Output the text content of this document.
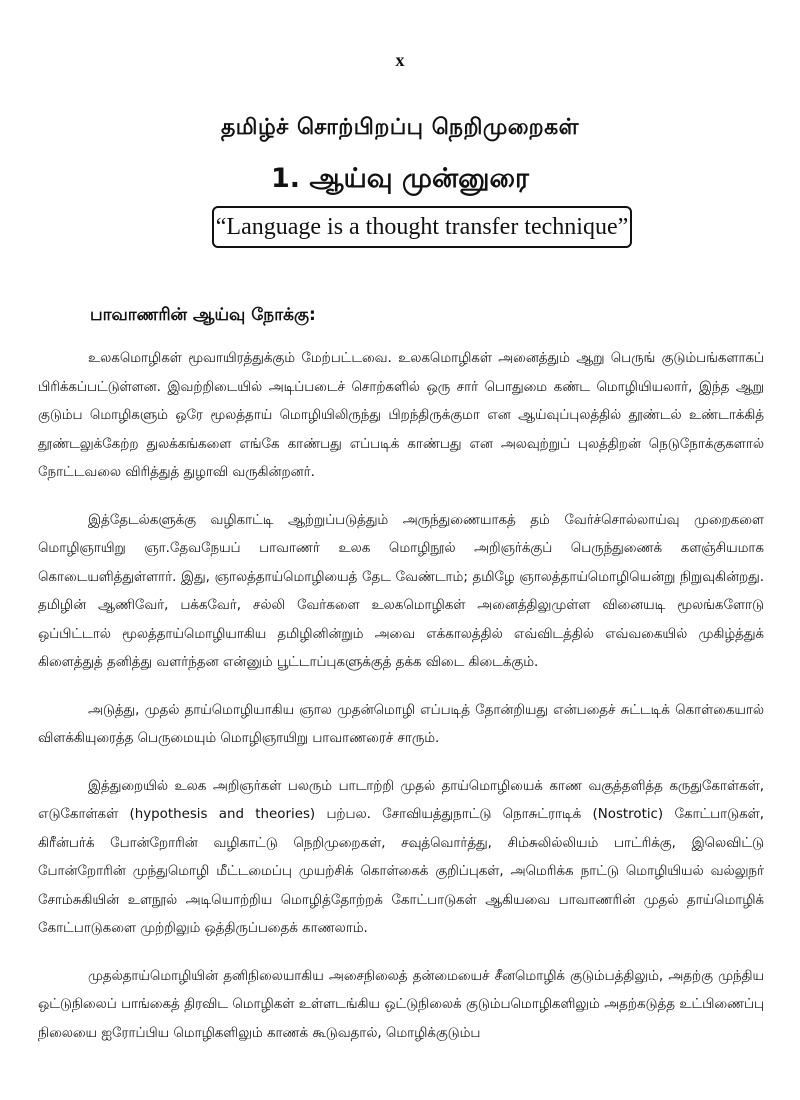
x
தமிழ்ச் சொற்பிறப்பு நெறிமுறைகள்
1. ஆய்வு முன்னுரை
“Language is a thought transfer technique”
பாவாணரின் ஆய்வு நோக்கு:

உலகமொழிகள் மூவாயிரத்துக்கும் மேற்பட்டவை. உலகமொழிகள் அனைத்தும் ஆறு பெருங் குடும்பங்களாகப் பிரிக்கப்பட்டுள்ளன. இவற்றிடையில் அடிப்படைச் சொற்களில் ஒரு சார் பொதுமை கண்ட மொழியியலார், இந்த ஆறு குடும்ப மொழிகளும் ஒரே மூலத்தாய் மொழியிலிருந்து பிறந்திருக்குமா என ஆய்வுப்புலத்தில் தூண்டல் உண்டாக்கித் தூண்டலுக்கேற்ற துலக்கங்களை எங்கே காண்பது எப்படிக் காண்பது என அலவுற்றுப் புலத்திறன் நெடுநோக்குகளால் நோட்டவலை விரித்துத் துழாவி வருகின்றனர்.

இத்தேடல்களுக்கு வழிகாட்டி ஆற்றுப்படுத்தும் அருந்துணையாகத் தம் வேர்ச்சொல்லாய்வு முறைகளை மொழிஞாயிறு ஞா.தேவநேயப் பாவாணர் உலக மொழிநூல் அறிஞர்க்குப் பெருந்துணைக் களஞ்சியமாக கொடையளித்துள்ளார். இது, ஞாலத்தாய்மொழியைத் தேட வேண்டாம்; தமிழே ஞாலத்தாய்மொழியென்று நிறுவுகின்றது. தமிழின் ஆணிவேர், பக்கவேர், சல்லி வேர்களை உலகமொழிகள் அனைத்திலுமுள்ள வினையடி மூலங்களோடு ஒப்பிட்டால் மூலத்தாய்மொழியாகிய தமிழினின்றும் அவை எக்காலத்தில் எவ்விடத்தில் எவ்வகையில் முகிழ்த்துக் கிளைத்துத் தனித்து வளர்ந்தன என்னும் பூட்டாப்புகளுக்குத் தக்க விடை கிடைக்கும்.

அடுத்து, முதல் தாய்மொழியாகிய ஞால முதன்மொழி எப்படித் தோன்றியது என்பதைச் சுட்டடிக் கொள்கையால் விளக்கியுரைத்த பெருமையும் மொழிஞாயிறு பாவாணரைச் சாரும்.

இத்துறையில் உலக அறிஞர்கள் பலரும் பாடாற்றி முதல் தாய்மொழியைக் காண வகுத்தளித்த கருதுகோள்கள், எடுகோள்கள் (hypothesis and theories) பற்பல. சோவியத்துநாட்டு நொசுட்ராடிக் (Nostrotic) கோட்பாடுகள், கிரீன்பர்க் போன்றோரின் வழிகாட்டு நெறிமுறைகள், சவுத்வொர்த்து, சிம்சுலில்லியம் பாட்ரிக்கு, இலெவிட்டு போன்றோரின் முந்துமொழி மீட்டமைப்பு முயற்சிக் கொள்கைக் குறிப்புகள், அமெரிக்க நாட்டு மொழியியல் வல்லுநர் சோம்சுகியின் உளநூல் அடியொற்றிய மொழித்தோற்றக் கோட்பாடுகள் ஆகியவை பாவாணரின் முதல் தாய்மொழிக் கோட்பாடுகளை முற்றிலும் ஒத்திருப்பதைக் காணலாம்.

முதல்தாய்மொழியின் தனிநிலையாகிய அசைநிலைத் தன்மையைச் சீனமொழிக் குடும்பத்திலும், அதற்கு முந்திய ஒட்டுநிலைப் பாங்கைத் திரவிட மொழிகள் உள்ளடங்கிய ஒட்டுநிலைக் குடும்பமொழிகளிலும் அதற்கடுத்த உட்பிணைப்பு நிலையை ஐரோப்பிய மொழிகளிலும் காணக் கூடுவதால், மொழிக்குடும்ப
